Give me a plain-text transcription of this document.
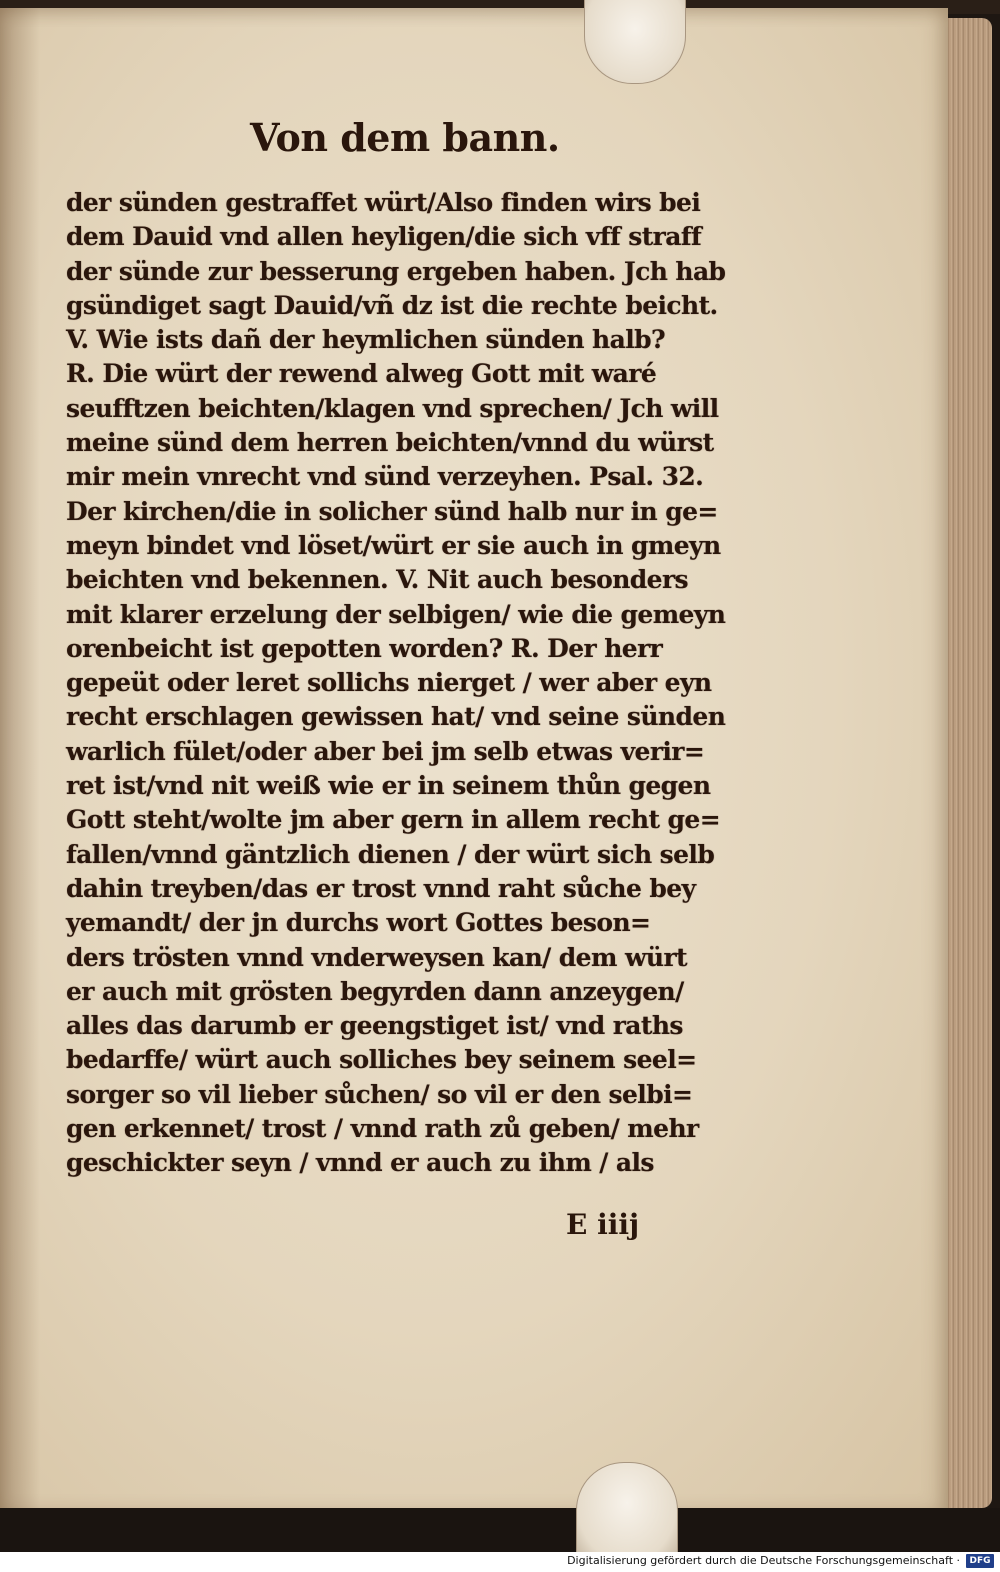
Von dem bann.
der sünden gestraffet würt/Also finden wirs bei
dem Dauid vnd allen heyligen/die sich vff straff
der sünde zur besserung ergeben haben. Jch hab
gsündiget sagt Dauid/vñ dz ist die rechte beicht.
V. Wie ists dañ der heymlichen sünden halb?
R. Die würt der rewend alweg Gott mit waré
seufftzen beichten/klagen vnd sprechen/ Jch will
meine sünd dem herren beichten/vnnd du würst
mir mein vnrecht vnd sünd verzeyhen. Psal. 32.
Der kirchen/die in solicher sünd halb nur in ge=
meyn bindet vnd löset/würt er sie auch in gmeyn
beichten vnd bekennen. V. Nit auch besonders
mit klarer erzelung der selbigen/ wie die gemeyn
orenbeicht ist gepotten worden? R. Der herr
gepeüt oder leret sollichs nierget / wer aber eyn
recht erschlagen gewissen hat/ vnd seine sünden
warlich fület/oder aber bei jm selb etwas verir=
ret ist/vnd nit weiß wie er in seinem thůn gegen
Gott steht/wolte jm aber gern in allem recht ge=
fallen/vnnd gäntzlich dienen / der würt sich selb
dahin treyben/das er trost vnnd raht sůche bey
yemandt/ der jn durchs wort Gottes beson=
ders trösten vnnd vnderweysen kan/ dem würt
er auch mit grösten begyrden dann anzeygen/
alles das darumb er geengstiget ist/ vnd raths
bedarffe/ würt auch solliches bey seinem seel=
sorger so vil lieber sůchen/ so vil er den selbi=
gen erkennet/ trost / vnnd rath zů geben/ mehr
geschickter seyn / vnnd er auch zu ihm / als
E iiij
Digitalisierung gefördert durch die Deutsche Forschungsgemeinschaft ·	DFG
